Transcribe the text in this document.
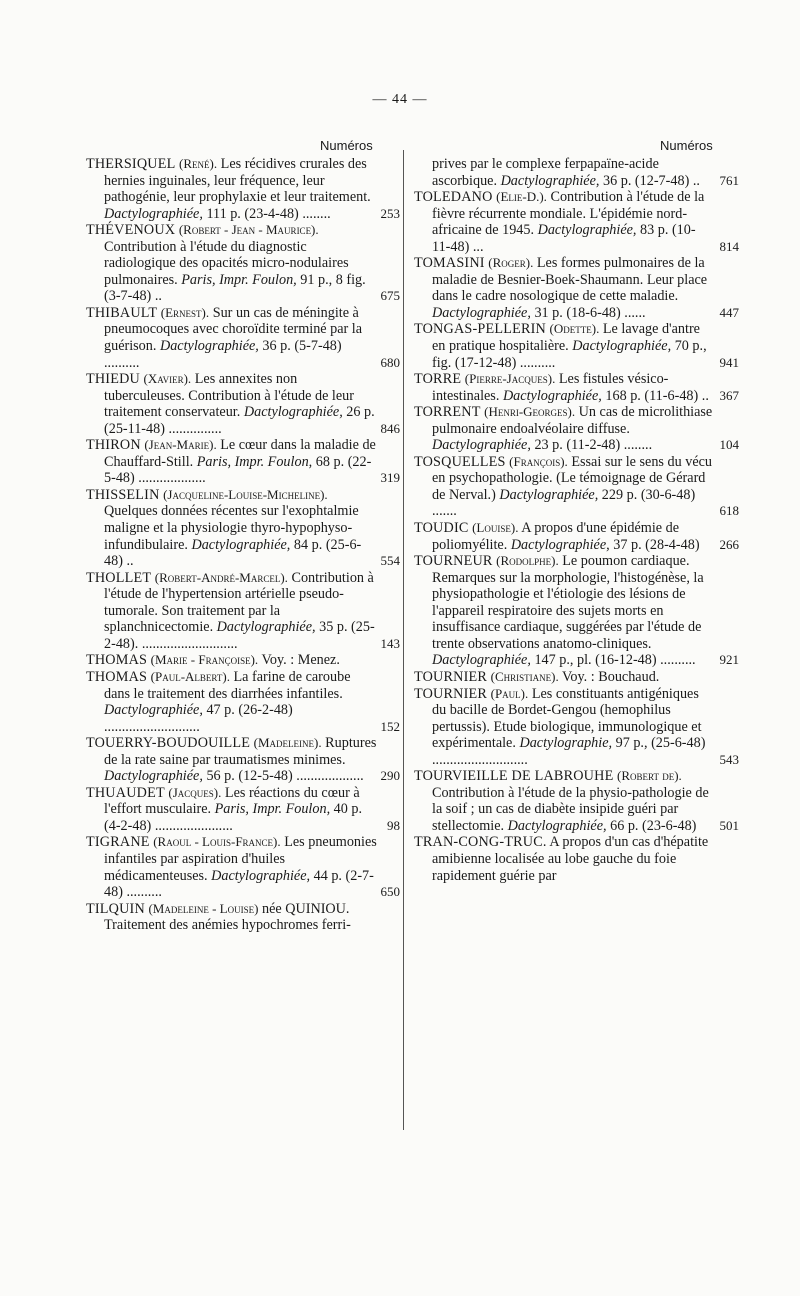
— 44 —
Numéros	Numéros
THERSIQUEL (René). Les récidives crurales des hernies inguinales, leur fréquence, leur pathogénie, leur prophylaxie et leur traitement. Dactylographiée, 111 p. (23-4-48) ........	253
THÉVENOUX (Robert - Jean - Maurice). Contribution à l'étude du diagnostic radiologique des opacités micro-nodulaires pulmonaires. Paris, Impr. Foulon, 91 p., 8 fig. (3-7-48) ..	675
THIBAULT (Ernest). Sur un cas de méningite à pneumocoques avec choroïdite terminé par la guérison. Dactylographiée, 36 p. (5-7-48) ..........	680
THIEDU (Xavier). Les annexites non tuberculeuses. Contribution à l'étude de leur traitement conservateur. Dactylographiée, 26 p. (25-11-48) ...............	846
THIRON (Jean-Marie). Le cœur dans la maladie de Chauffard-Still. Paris, Impr. Foulon, 68 p. (22-5-48) ...................	319
THISSELIN (Jacqueline-Louise-Micheline). Quelques données récentes sur l'exophtalmie maligne et la physiologie thyro-hypophyso-infundibulaire. Dactylographiée, 84 p. (25-6-48) ..	554
THOLLET (Robert-André-Marcel). Contribution à l'étude de l'hypertension artérielle pseudo-tumorale. Son traitement par la splanchnicectomie. Dactylographiée, 35 p. (25-2-48). ...........................	143
THOMAS (Marie - Françoise). Voy. : Menez.
THOMAS (Paul-Albert). La farine de caroube dans le traitement des diarrhées infantiles. Dactylographiée, 47 p. (26-2-48) ...........................	152
TOUERRY-BOUDOUILLE (Madeleine). Ruptures de la rate saine par traumatismes minimes. Dactylographiée, 56 p. (12-5-48) ................... 290
THUAUDET (Jacques). Les réactions du cœur à l'effort musculaire. Paris, Impr. Foulon, 40 p. (4-2-48) ......................	98
TIGRANE (Raoul - Louis-France). Les pneumonies infantiles par aspiration d'huiles médicamenteuses. Dactylographiée, 44 p. (2-7-48) ..........	650
TILQUIN (Madeleine - Louise) née QUINIOU. Traitement des anémies hypochromes ferri-
prives par le complexe ferpapaïne-acide ascorbique. Dactylographiée, 36 p. (12-7-48) .. 761
TOLEDANO (Elie-D.). Contribution à l'étude de la fièvre récurrente mondiale. L'épidémie nord-africaine de 1945. Dactylographiée, 83 p. (10-11-48) ...	814
TOMASINI (Roger). Les formes pulmonaires de la maladie de Besnier-Boek-Shaumann. Leur place dans le cadre nosologique de cette maladie. Dactylographiée, 31 p. (18-6-48) ......	447
TONGAS-PELLERIN (Odette). Le lavage d'antre en pratique hospitalière. Dactylographiée, 70 p., fig. (17-12-48) ..........	941
TORRE (Pierre-Jacques). Les fistules vésico-intestinales. Dactylographiée, 168 p. (11-6-48) .. 367
TORRENT (Henri-Georges). Un cas de microlithiase pulmonaire endoalvéolaire diffuse. Dactylographiée, 23 p. (11-2-48) ........	104
TOSQUELLES (François). Essai sur le sens du vécu en psychopathologie. (Le témoignage de Gérard de Nerval.) Dactylographiée, 229 p. (30-6-48) .......	618
TOUDIC (Louise). A propos d'une épidémie de poliomyélite. Dactylographiée, 37 p. (28-4-48) 266
TOURNEUR (Rodolphe). Le poumon cardiaque. Remarques sur la morphologie, l'histogénèse, la physiopathologie et l'étiologie des lésions de l'appareil respiratoire des sujets morts en insuffisance cardiaque, suggérées par l'étude de trente observations anatomo-cliniques. Dactylographiée, 147 p., pl. (16-12-48) .......... 921
TOURNIER (Christiane). Voy. : Bouchaud.
TOURNIER (Paul). Les constituants antigéniques du bacille de Bordet-Gengou (hemophilus pertussis). Etude biologique, immunologique et expérimentale. Dactylographie, 97 p., (25-6-48) ...........................	543
TOURVIEILLE DE LABROUHE (Robert de). Contribution à l'étude de la physio-pathologie de la soif ; un cas de diabète insipide guéri par stellectomie. Dactylographiée, 66 p. (23-6-48) 501
TRAN-CONG-TRUC. A propos d'un cas d'hépatite amibienne localisée au lobe gauche du foie rapidement guérie par
